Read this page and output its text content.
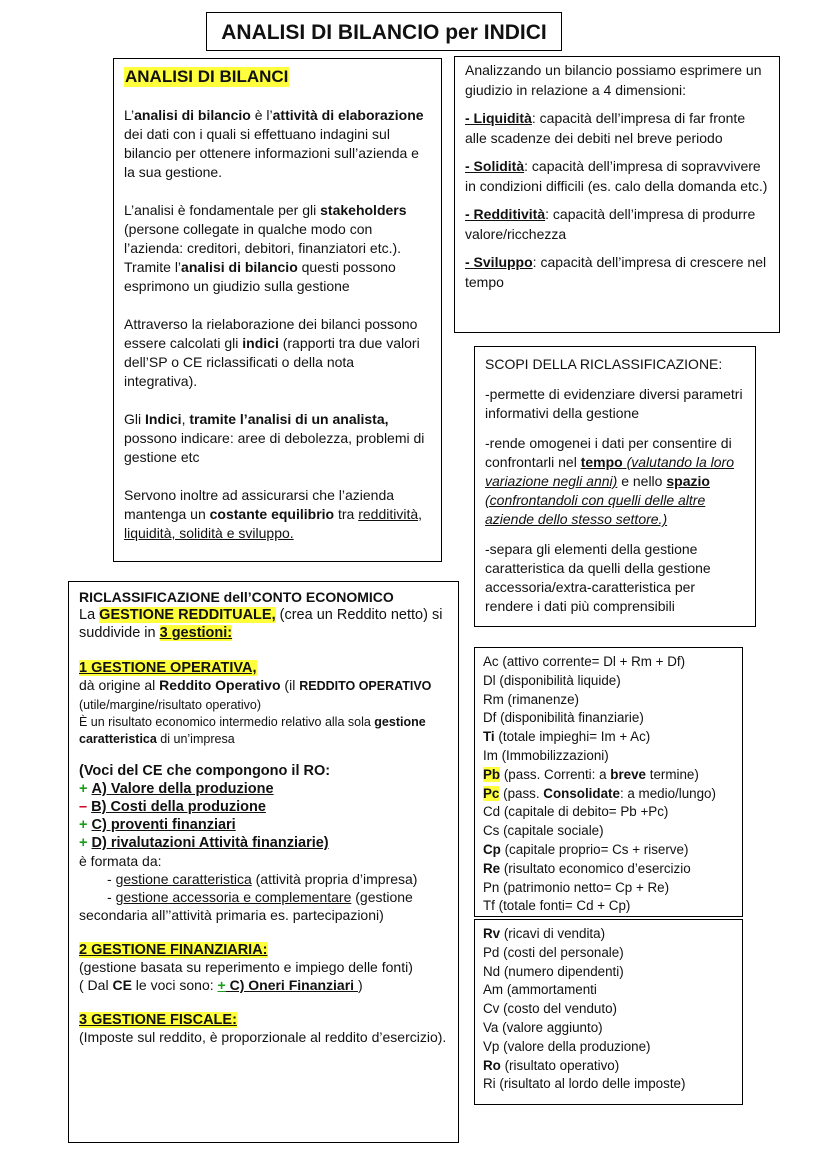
ANALISI DI BILANCIO per INDICI
ANALISI DI BILANCI

L’analisi di bilancio è l’attività di elaborazione dei dati con i quali si effettuano indagini sul bilancio per ottenere informazioni sull’azienda e la sua gestione.

L’analisi è fondamentale per gli stakeholders (persone collegate in qualche modo con l’azienda: creditori, debitori, finanziatori etc.). Tramite l’analisi di bilancio questi possono esprimono un giudizio sulla gestione

Attraverso la rielaborazione dei bilanci possono essere calcolati gli indici (rapporti tra due valori dell’SP o CE riclassificati o della nota integrativa).

Gli Indici, tramite l’analisi di un analista, possono indicare: aree di debolezza, problemi di gestione etc

Servono inoltre ad assicurarsi che l’azienda mantenga un costante equilibrio tra redditività, liquidità, solidità e sviluppo.

Analizzando un bilancio possiamo esprimere un giudizio in relazione a 4 dimensioni:

- Liquidità: capacità dell’impresa di far fronte alle scadenze dei debiti nel breve periodo

- Solidità: capacità dell’impresa di sopravvivere in condizioni difficili (es. calo della domanda etc.)

- Redditività: capacità dell’impresa di produrre valore/ricchezza

- Sviluppo: capacità dell’impresa di crescere nel tempo

SCOPI DELLA RICLASSIFICAZIONE:

-permette di evidenziare diversi parametri informativi della gestione

-rende omogenei i dati per consentire di confrontarli nel tempo (valutando la loro variazione negli anni) e nello spazio (confrontandoli con quelli delle altre aziende dello stesso settore.)

-separa gli elementi della gestione caratteristica da quelli della gestione accessoria/extra-caratteristica per rendere i dati più comprensibili

RICLASSIFICAZIONE dell’CONTO ECONOMICO
La GESTIONE REDDITUALE, (crea un Reddito netto) si suddivide in 3 gestioni:
1 GESTIONE OPERATIVA,
dà origine al Reddito Operativo (il REDDITO OPERATIVO (utile/margine/risultato operativo)
È un risultato economico intermedio relativo alla sola gestione caratteristica di un’impresa
(Voci del CE che compongono il RO:
+ A) Valore della produzione
– B) Costi della produzione
+ C) proventi finanziari
+ D) rivalutazioni Attività finanziarie)
è formata da:
- gestione caratteristica (attività propria d’impresa)
- gestione accessoria e complementare (gestione secondaria all’’attività primaria es. partecipazioni)
2 GESTIONE FINANZIARIA:
(gestione basata su reperimento e impiego delle fonti)
( Dal CE le voci sono: + C) Oneri Finanziari )
3 GESTIONE FISCALE:
(Imposte sul reddito, è proporzionale al reddito d’esercizio).
Ac (attivo corrente= Dl + Rm + Df)
Dl (disponibilità liquide)
Rm (rimanenze)
Df (disponibilità finanziarie)
Ti (totale impieghi= Im + Ac)
Im (Immobilizzazioni)
Pb (pass. Correnti: a breve termine)
Pc (pass. Consolidate: a medio/lungo)
Cd (capitale di debito= Pb +Pc)
Cs (capitale sociale)
Cp (capitale proprio= Cs + riserve)
Re (risultato economico d’esercizio
Pn (patrimonio netto= Cp + Re)
Tf (totale fonti= Cd + Cp)
Rv (ricavi di vendita)
Pd (costi del personale)
Nd (numero dipendenti)
Am (ammortamenti
Cv (costo del venduto)
Va (valore aggiunto)
Vp (valore della produzione)
Ro (risultato operativo)
Ri (risultato al lordo delle imposte)
